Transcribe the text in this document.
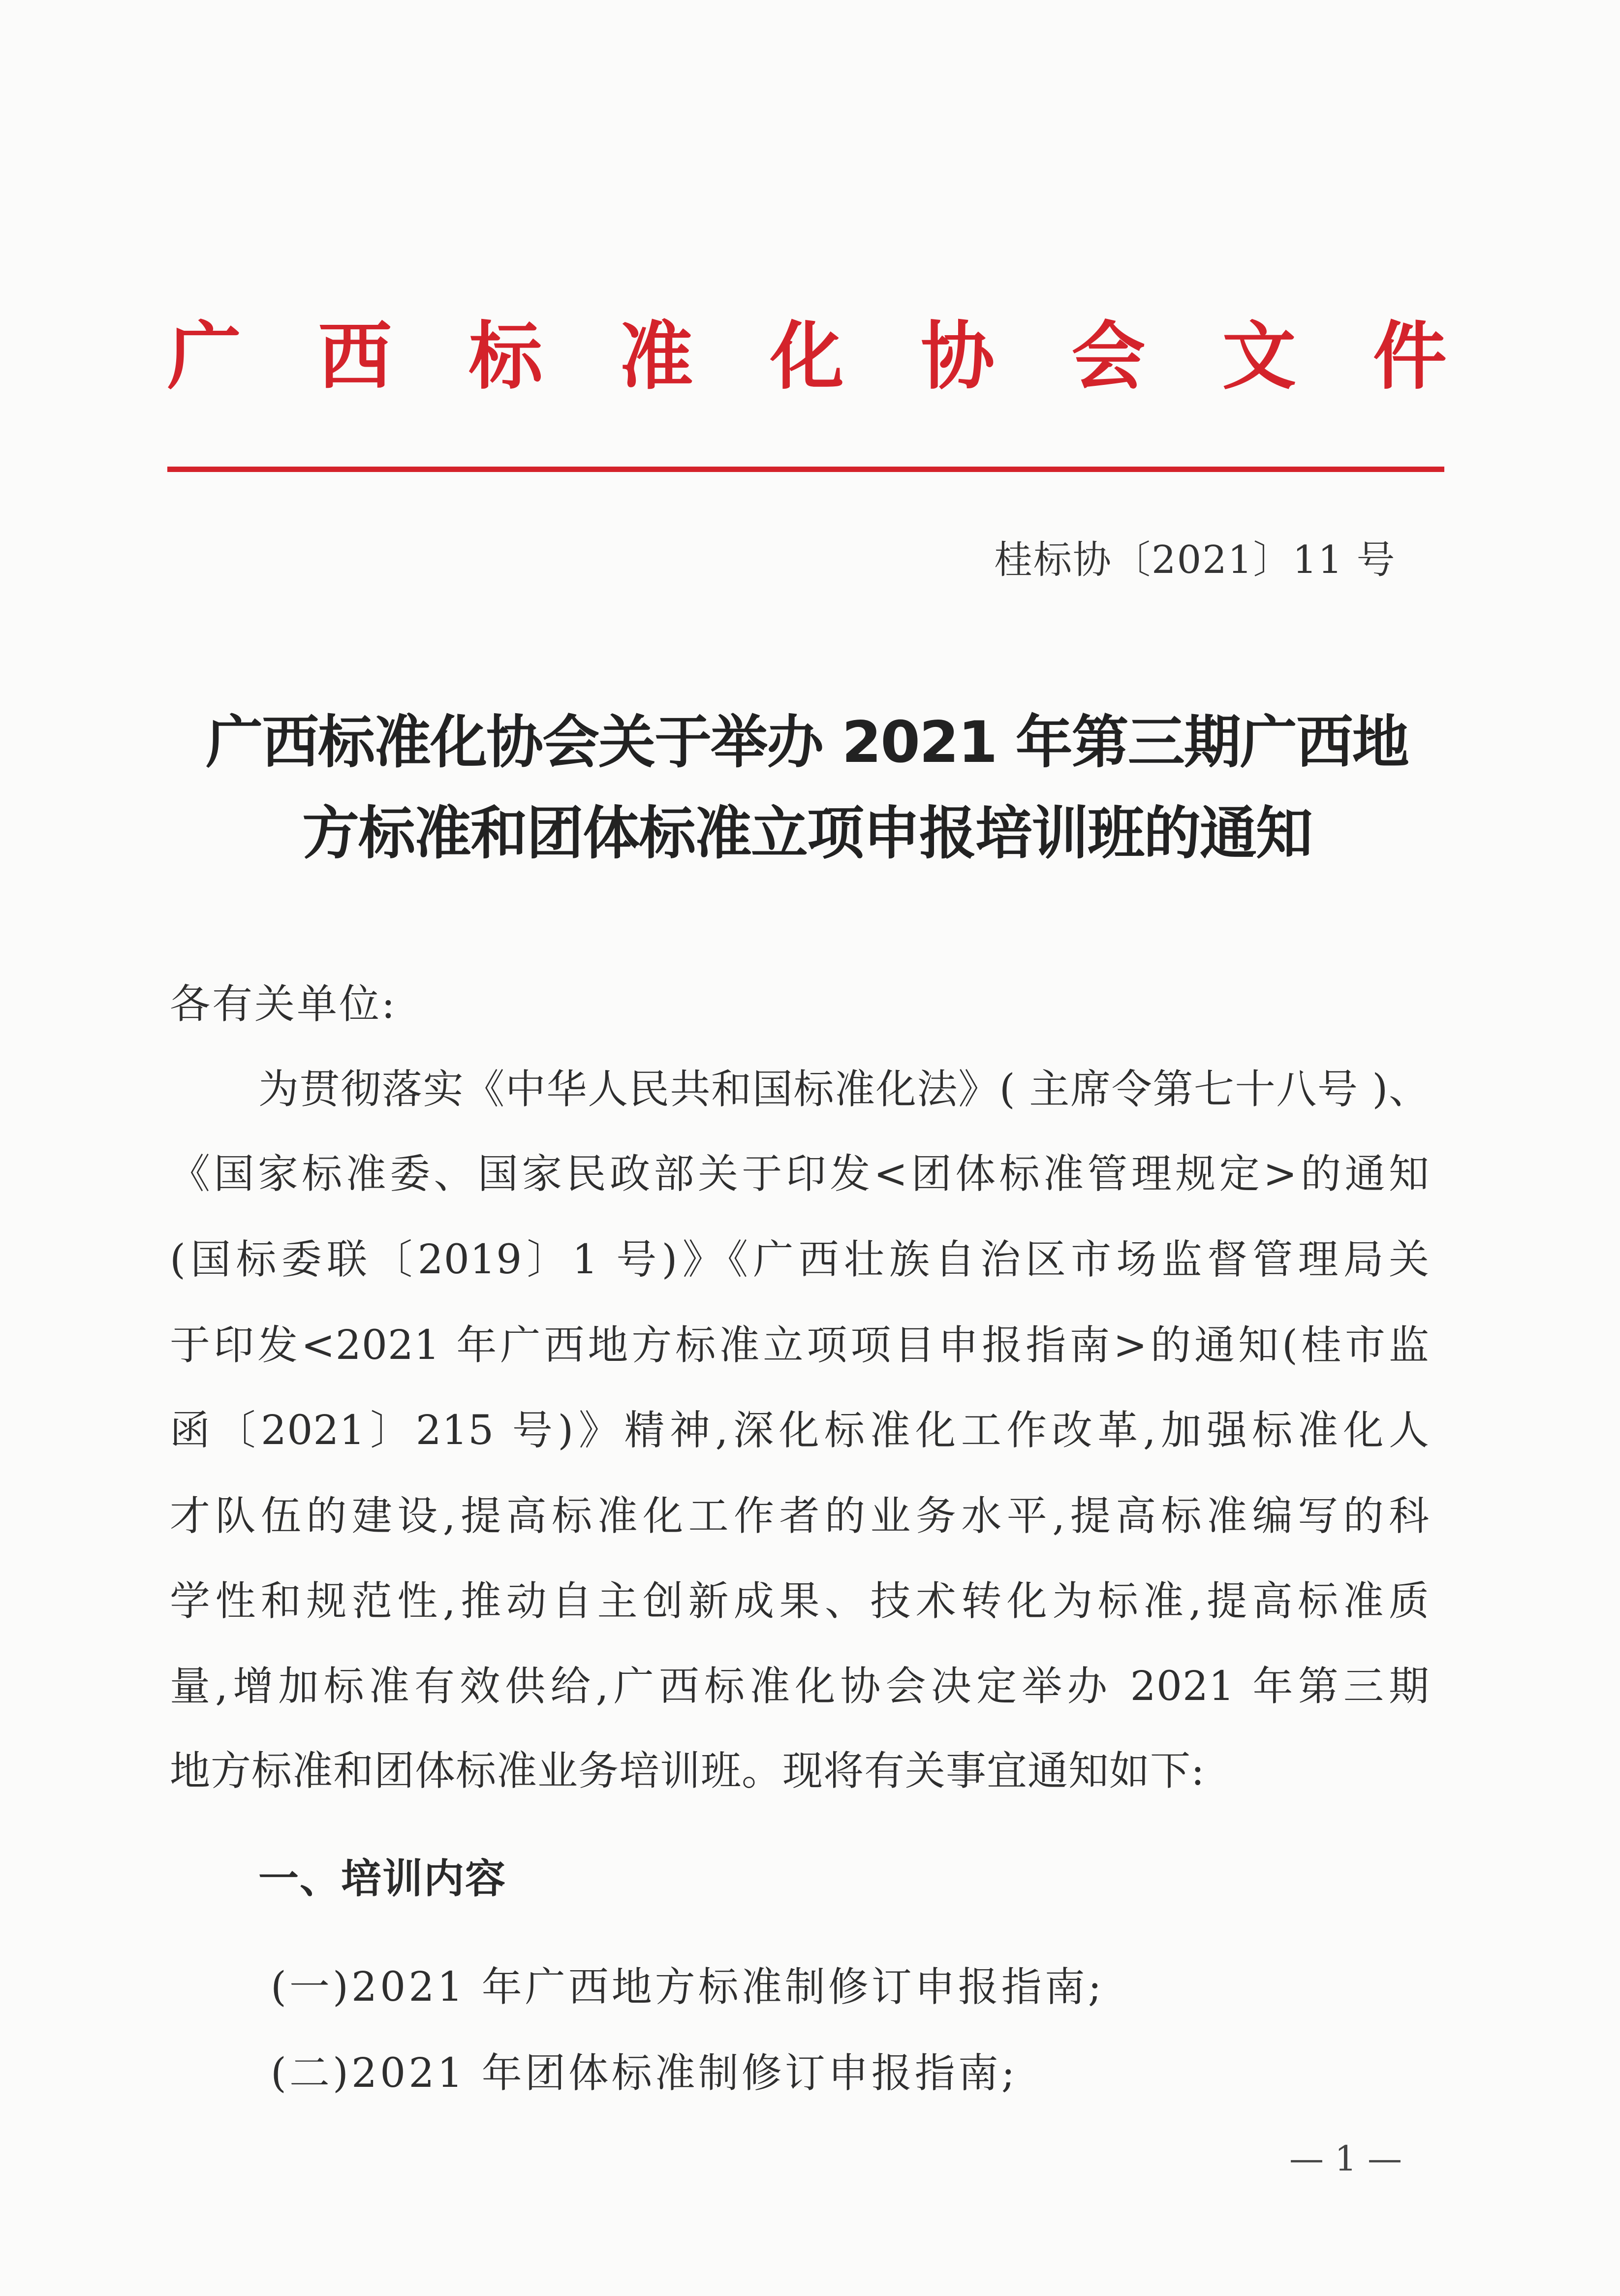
广 西 标 准 化 协 会 文 件
桂标协〔2021〕11 号
广西标准化协会关于举办 2021 年第三期广西地
方标准和团体标准立项申报培训班的通知
各有关单位:
为贯彻落实《中华人民共和国标准化法》( 主席令第七十八号 )、
《国家标准委、国家民政部关于印发<团体标准管理规定>的通知
(国标委联〔2019〕1 号)》《广西壮族自治区市场监督管理局关
于印发<2021 年广西地方标准立项项目申报指南>的通知(桂市监
函〔2021〕215 号)》精神,深化标准化工作改革,加强标准化人
才队伍的建设,提高标准化工作者的业务水平,提高标准编写的科
学性和规范性,推动自主创新成果、技术转化为标准,提高标准质
量,增加标准有效供给,广西标准化协会决定举办 2021 年第三期
地方标准和团体标准业务培训班。现将有关事宜通知如下:
一、培训内容
(一)2021 年广西地方标准制修订申报指南;
(二)2021 年团体标准制修订申报指南;
— 1 —
